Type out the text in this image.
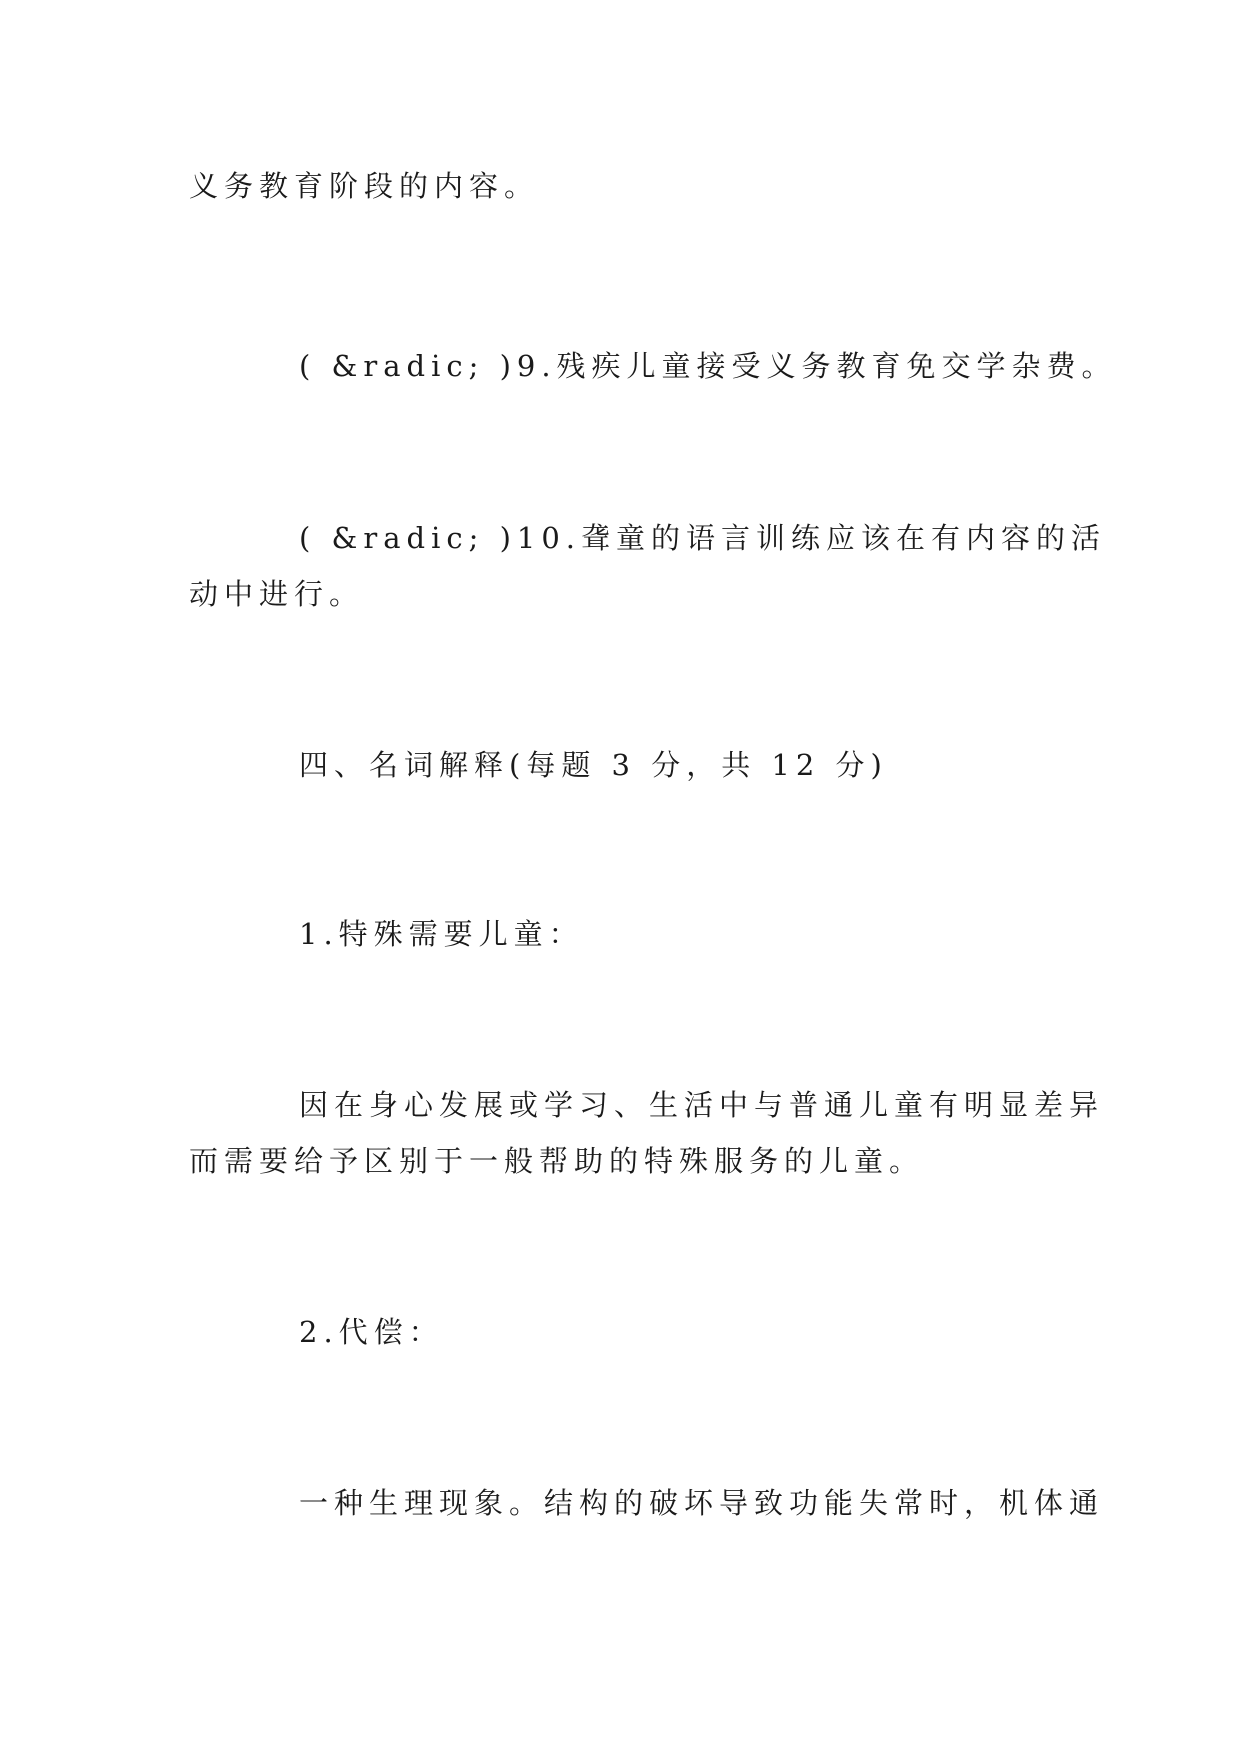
义务教育阶段的内容。

( &radic; )9.残疾儿童接受义务教育免交学杂费。

( &radic; )10.聋童的语言训练应该在有内容的活

动中进行。

四、名词解释(每题 3 分，共 12 分)

1.特殊需要儿童：

因在身心发展或学习、生活中与普通儿童有明显差异

而需要给予区别于一般帮助的特殊服务的儿童。

2.代偿：

一种生理现象。结构的破坏导致功能失常时，机体通
